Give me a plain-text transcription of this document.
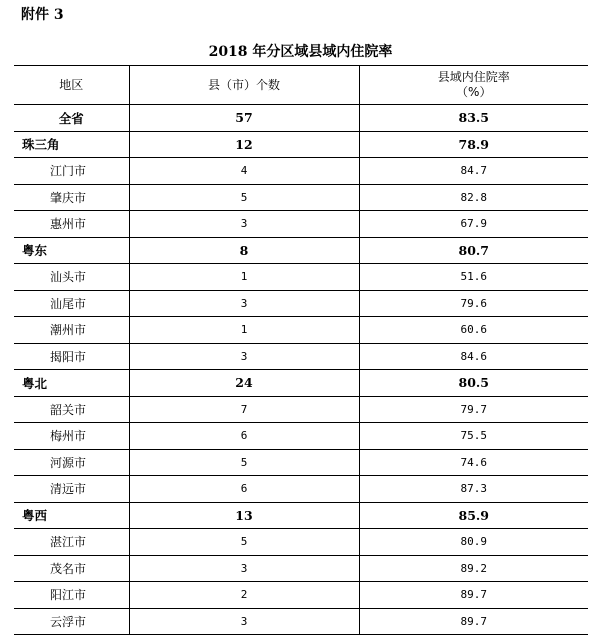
附件 3
2018 年分区域县域内住院率
地区	县（市）个数	县域内住院率
（%）

全省	57	83.5
珠三角	12	78.9
江门市	4	84.7
肇庆市	5	82.8
惠州市	3	67.9
粤东	8	80.7
汕头市	1	51.6
汕尾市	3	79.6
潮州市	1	60.6
揭阳市	3	84.6
粤北	24	80.5
韶关市	7	79.7
梅州市	6	75.5
河源市	5	74.6
清远市	6	87.3
粤西	13	85.9
湛江市	5	80.9
茂名市	3	89.2
阳江市	2	89.7
云浮市	3	89.7
